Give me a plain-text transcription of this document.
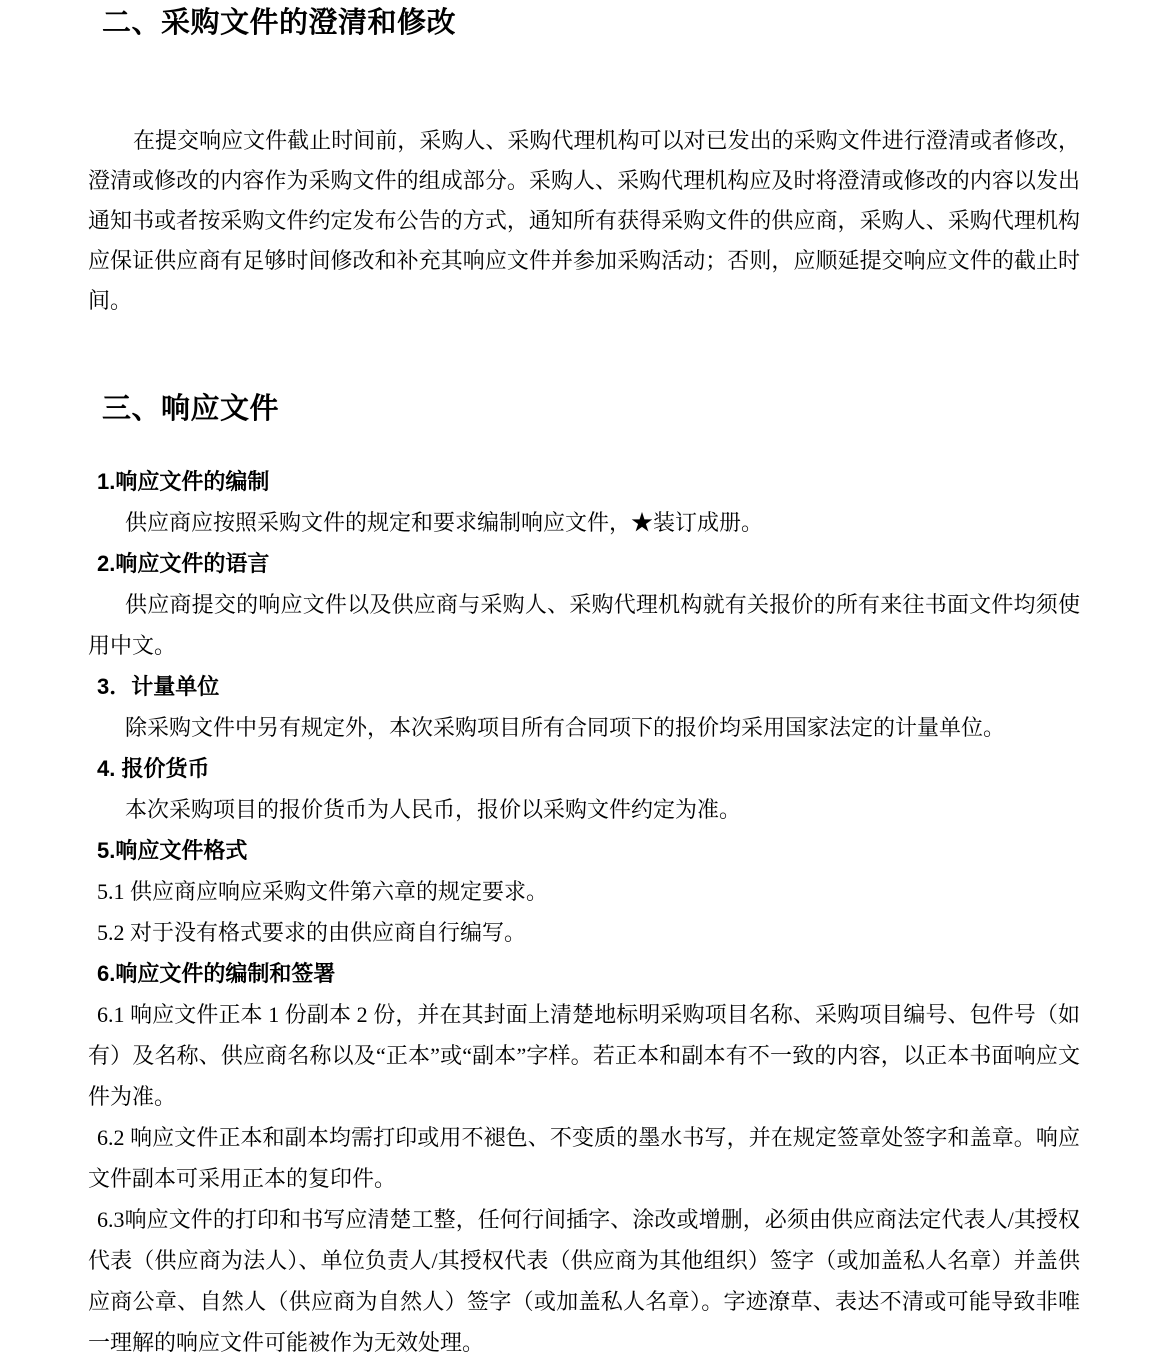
二、采购文件的澄清和修改

在提交响应文件截止时间前，采购人、采购代理机构可以对已发出的采购文件进行澄清或者修改，澄清或修改的内容作为采购文件的组成部分。采购人、采购代理机构应及时将澄清或修改的内容以发出通知书或者按采购文件约定发布公告的方式，通知所有获得采购文件的供应商，采购人、采购代理机构应保证供应商有足够时间修改和补充其响应文件并参加采购活动；否则，应顺延提交响应文件的截止时间。

三、响应文件
1.响应文件的编制

供应商应按照采购文件的规定和要求编制响应文件，★装订成册。

2.响应文件的语言

供应商提交的响应文件以及供应商与采购人、采购代理机构就有关报价的所有来往书面文件均须使用中文。

3．计量单位

除采购文件中另有规定外，本次采购项目所有合同项下的报价均采用国家法定的计量单位。

4. 报价货币

本次采购项目的报价货币为人民币，报价以采购文件约定为准。

5.响应文件格式

5.1 供应商应响应采购文件第六章的规定要求。

5.2 对于没有格式要求的由供应商自行编写。

6.响应文件的编制和签署

6.1 响应文件正本 1 份副本 2 份，并在其封面上清楚地标明采购项目名称、采购项目编号、包件号（如有）及名称、供应商名称以及“正本”或“副本”字样。若正本和副本有不一致的内容，以正本书面响应文件为准。

6.2 响应文件正本和副本均需打印或用不褪色、不变质的墨水书写，并在规定签章处签字和盖章。响应文件副本可采用正本的复印件。

6.3响应文件的打印和书写应清楚工整，任何行间插字、涂改或增删，必须由供应商法定代表人/其授权代表（供应商为法人）、单位负责人/其授权代表（供应商为其他组织）签字（或加盖私人名章）并盖供应商公章、自然人（供应商为自然人）签字（或加盖私人名章）。字迹潦草、表达不清或可能导致非唯一理解的响应文件可能被作为无效处理。
